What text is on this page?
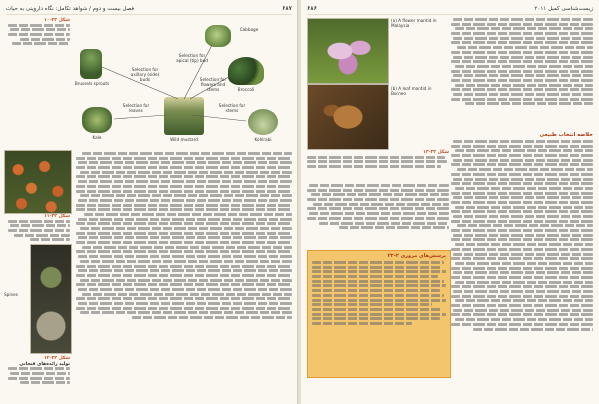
۶۸۷
فصل بیست و دوم / شواهد تکامل: نگاه داروینی به حیات
Cabbage
Brussels sprouts
Broccoli
Selection for apical (tip) bud
Selection for axillary (side) buds	Selection for flowers and stems
Selection for stems
Selection for leaves
Wild mustard
Kale	Kohlrabi
شکل ۲۲-۱۰
شکل ۲۲-۱۱
Spines
شکل ۲۲-۱۲
تولید زائده‌های فنجانی
زیست‌شناسی کمبل ۲۰۱۱
۶۸۶
(a) A flower mantid in Malaysia
(b) A leaf mantid in Borneo
شکل ۲۲-۱۳
پرسش‌های مروری ۲-۲۲
خلاصه انتخاب طبیعی
